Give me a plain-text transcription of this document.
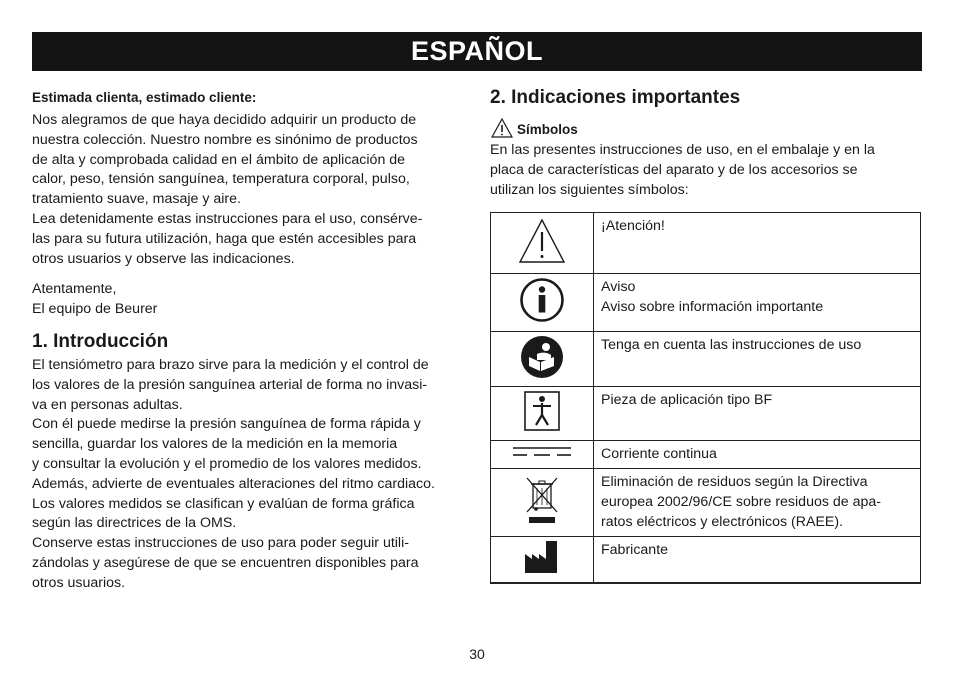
ESPAÑOL

Estimada clienta, estimado cliente:

Nos alegramos de que haya decidido adquirir un producto de

nuestra colección. Nuestro nombre es sinónimo de productos

de alta y comprobada calidad en el ámbito de aplicación de

calor, peso, tensión sanguínea, temperatura corporal, pulso,

tratamiento suave, masaje y aire.

Lea detenidamente estas instrucciones para el uso, consérve-

las para su futura utilización, haga que estén accesibles para

otros usuarios y observe las indicaciones.

Atentamente,

El equipo de Beurer

1. Introducción

El tensiómetro para brazo sirve para la medición y el control de

los valores de la presión sanguínea arterial de forma no invasi-

va en personas adultas.

Con él puede medirse la presión sanguínea de forma rápida y

sencilla, guardar los valores de la medición en la memoria

y consultar la evolución y el promedio de los valores medidos.

Además, advierte de eventuales alteraciones del ritmo cardiaco.

Los valores medidos se clasifican y evalúan de forma gráfica

según las directrices de la OMS.

Conserve estas instrucciones de uso para poder seguir utili-

zándolas y asegúrese de que se encuentren disponibles para

otros usuarios.

2. Indicaciones importantes
Símbolos

En las presentes instrucciones de uso, en el embalaje y en la

placa de características del aparato y de los accesorios se

utilizan los siguientes símbolos:

¡Atención!

Aviso
Aviso sobre información importante

Tenga en cuenta las instrucciones de uso

Pieza de aplicación tipo BF

Corriente continua

Eliminación de residuos según la Directiva
europea 2002/96/CE sobre residuos de apa-
ratos eléctricos y electrónicos (RAEE).

Fabricante
30
